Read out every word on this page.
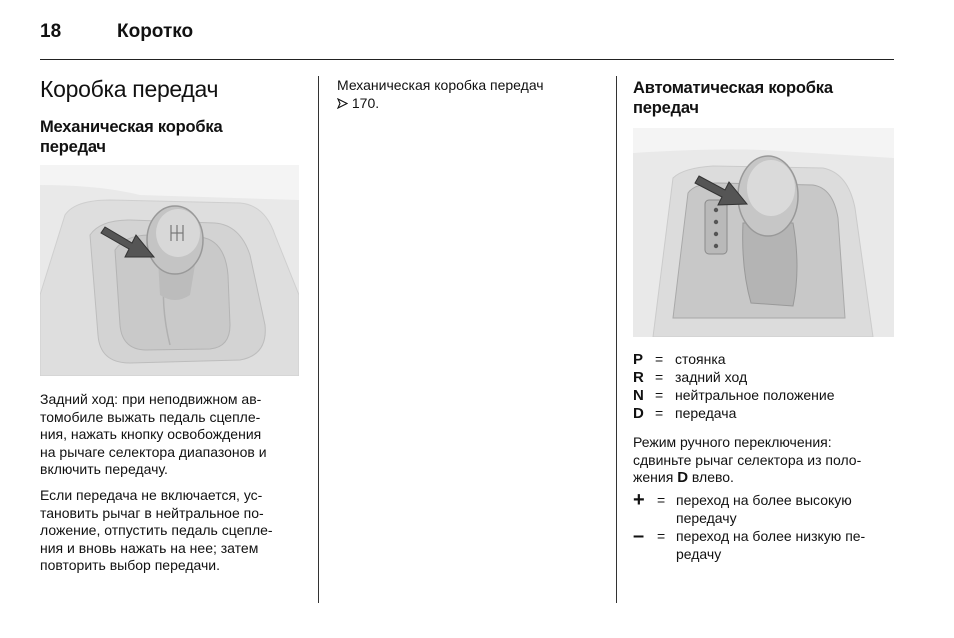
18	Коротко
Коробка передач
Механическая коробка передач
Задний ход: при неподвижном ав-
томобиле выжать педаль сцепле-
ния, нажать кнопку освобождения
на рычаге селектора диапазонов и
включить передачу.
Если передача не включается, ус-
тановить рычаг в нейтральное по-
ложение, отпустить педаль сцепле-
ния и вновь нажать на нее; затем
повторить выбор передачи.
Механическая коробка передач
170.
Автоматическая коробка передач
P = стоянка
R = задний ход
N = нейтральное положение
D = передача
Режим ручного переключения:
сдвиньте рычаг селектора из поло-
жения D влево.
+ = переход на более высокую
передачу
– = переход на более низкую пе-
редачу
